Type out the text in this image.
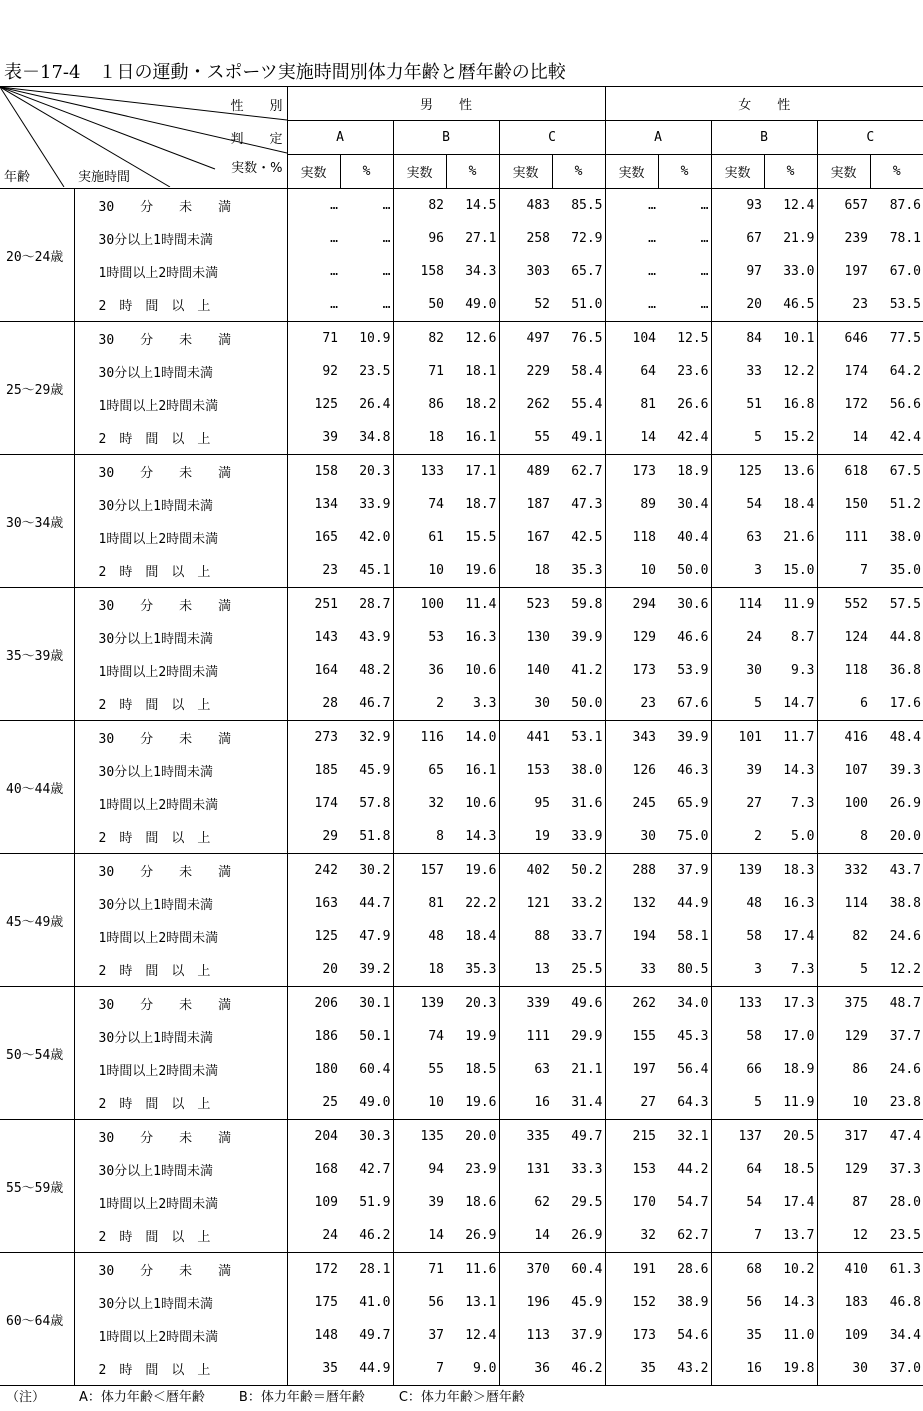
表－17-4　１日の運動・スポーツ実施時間別体力年齢と暦年齢の比較
性　　別
判　　定
実数・%
年齢 実施時間		男　　性						女　　性					
		A		B		C		A		B		C	
		実数	%	実数	%	実数	%	実数	%	実数	%	実数	%
20～24歳	30　　分　　未　　満	…	…	82	14.5	483	85.5	…	…	93	12.4	657	87.6
	30分以上1時間未満	…	…	96	27.1	258	72.9	…	…	67	21.9	239	78.1
	1時間以上2時間未満	…	…	158	34.3	303	65.7	…	…	97	33.0	197	67.0
	2　時　間　以　上	…	…	50	49.0	52	51.0	…	…	20	46.5	23	53.5
25～29歳	30　　分　　未　　満	71	10.9	82	12.6	497	76.5	104	12.5	84	10.1	646	77.5
	30分以上1時間未満	92	23.5	71	18.1	229	58.4	64	23.6	33	12.2	174	64.2
	1時間以上2時間未満	125	26.4	86	18.2	262	55.4	81	26.6	51	16.8	172	56.6
	2　時　間　以　上	39	34.8	18	16.1	55	49.1	14	42.4	5	15.2	14	42.4
30～34歳	30　　分　　未　　満	158	20.3	133	17.1	489	62.7	173	18.9	125	13.6	618	67.5
	30分以上1時間未満	134	33.9	74	18.7	187	47.3	89	30.4	54	18.4	150	51.2
	1時間以上2時間未満	165	42.0	61	15.5	167	42.5	118	40.4	63	21.6	111	38.0
	2　時　間　以　上	23	45.1	10	19.6	18	35.3	10	50.0	3	15.0	7	35.0
35～39歳	30　　分　　未　　満	251	28.7	100	11.4	523	59.8	294	30.6	114	11.9	552	57.5
	30分以上1時間未満	143	43.9	53	16.3	130	39.9	129	46.6	24	8.7	124	44.8
	1時間以上2時間未満	164	48.2	36	10.6	140	41.2	173	53.9	30	9.3	118	36.8
	2　時　間　以　上	28	46.7	2	3.3	30	50.0	23	67.6	5	14.7	6	17.6
40～44歳	30　　分　　未　　満	273	32.9	116	14.0	441	53.1	343	39.9	101	11.7	416	48.4
	30分以上1時間未満	185	45.9	65	16.1	153	38.0	126	46.3	39	14.3	107	39.3
	1時間以上2時間未満	174	57.8	32	10.6	95	31.6	245	65.9	27	7.3	100	26.9
	2　時　間　以　上	29	51.8	8	14.3	19	33.9	30	75.0	2	5.0	8	20.0
45～49歳	30　　分　　未　　満	242	30.2	157	19.6	402	50.2	288	37.9	139	18.3	332	43.7
	30分以上1時間未満	163	44.7	81	22.2	121	33.2	132	44.9	48	16.3	114	38.8
	1時間以上2時間未満	125	47.9	48	18.4	88	33.7	194	58.1	58	17.4	82	24.6
	2　時　間　以　上	20	39.2	18	35.3	13	25.5	33	80.5	3	7.3	5	12.2
50～54歳	30　　分　　未　　満	206	30.1	139	20.3	339	49.6	262	34.0	133	17.3	375	48.7
	30分以上1時間未満	186	50.1	74	19.9	111	29.9	155	45.3	58	17.0	129	37.7
	1時間以上2時間未満	180	60.4	55	18.5	63	21.1	197	56.4	66	18.9	86	24.6
	2　時　間　以　上	25	49.0	10	19.6	16	31.4	27	64.3	5	11.9	10	23.8
55～59歳	30　　分　　未　　満	204	30.3	135	20.0	335	49.7	215	32.1	137	20.5	317	47.4
	30分以上1時間未満	168	42.7	94	23.9	131	33.3	153	44.2	64	18.5	129	37.3
	1時間以上2時間未満	109	51.9	39	18.6	62	29.5	170	54.7	54	17.4	87	28.0
	2　時　間　以　上	24	46.2	14	26.9	14	26.9	32	62.7	7	13.7	12	23.5
60～64歳	30　　分　　未　　満	172	28.1	71	11.6	370	60.4	191	28.6	68	10.2	410	61.3
	30分以上1時間未満	175	41.0	56	13.1	196	45.9	152	38.9	56	14.3	183	46.8
	1時間以上2時間未満	148	49.7	37	12.4	113	37.9	173	54.6	35	11.0	109	34.4
	2　時　間　以　上	35	44.9	7	9.0	36	46.2	35	43.2	16	19.8	30	37.0
（注）	A：体力年齢＜暦年齢	B：体力年齢＝暦年齢	C：体力年齢＞暦年齢
